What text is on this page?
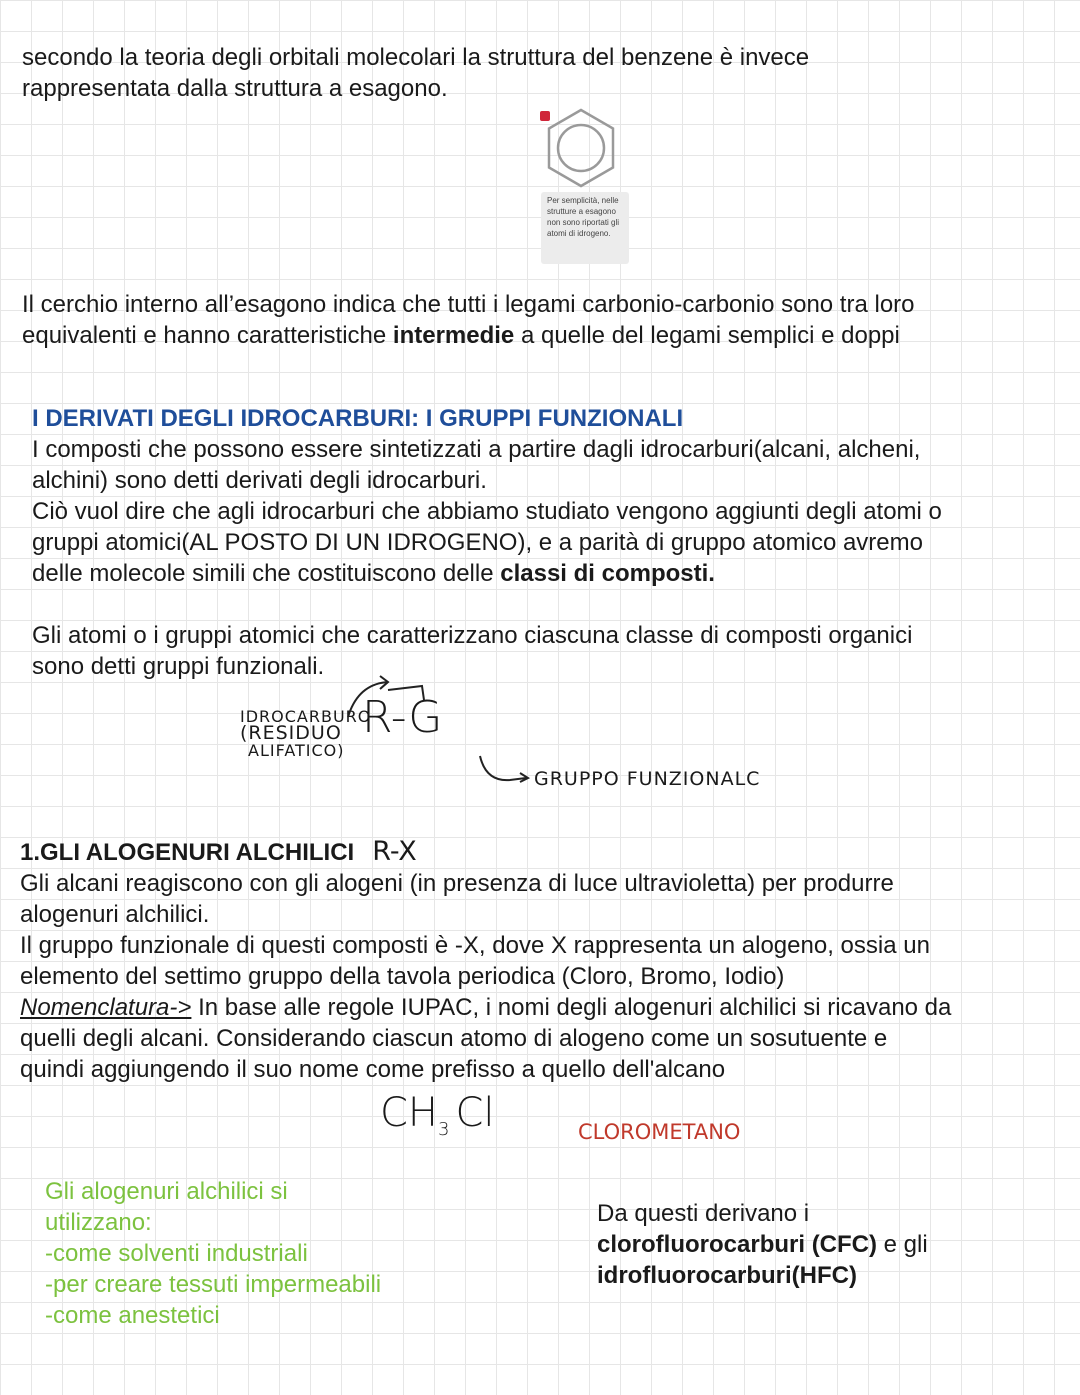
secondo la teoria degli orbitali molecolari la struttura del benzene è invece

rappresentata dalla struttura a esagono.

Per semplicità, nelle strutture a esagono non sono riportati gli atomi di idrogeno.

Il cerchio interno all’esagono indica che tutti i legami carbonio-carbonio sono tra loro

equivalenti e hanno caratteristiche intermedie a quelle del legami semplici e doppi

I DERIVATI DEGLI IDROCARBURI: I GRUPPI FUNZIONALI

I composti che possono essere sintetizzati a partire dagli idrocarburi(alcani, alcheni,

alchini) sono detti derivati degli idrocarburi.

Ciò vuol dire che agli idrocarburi che abbiamo studiato vengono aggiunti degli atomi o

gruppi atomici(AL POSTO DI UN IDROGENO), e a parità di gruppo atomico avremo

delle molecole simili che costituiscono delle classi di composti.

Gli atomi o i gruppi atomici che caratterizzano ciascuna classe di composti organici

sono detti gruppi funzionali.

IDROCARBURO
(RESIDUO
ALIFATICO)
R-G
GRUPPO FUNZIONALC

1.GLI ALOGENURI ALCHILICI R-X

Gli alcani reagiscono con gli alogeni (in presenza di luce ultravioletta) per produrre

alogenuri alchilici.

Il gruppo funzionale di questi composti è -X, dove X rappresenta un alogeno, ossia un

elemento del settimo gruppo della tavola periodica (Cloro, Bromo, Iodio)

Nomenclatura-> In base alle regole IUPAC, i nomi degli alogenuri alchilici si ricavano da

quelli degli alcani. Considerando ciascun atomo di alogeno come un sosutuente e

quindi aggiungendo il suo nome come prefisso a quello dell'alcano

$CH_3$ Cl	CLOROMETANO

Gli alogenuri alchilici si

utilizzano:

-come solventi industriali

-per creare tessuti impermeabili

-come anestetici

Da questi derivano i

clorofluorocarburi (CFC) e gli

idrofluorocarburi(HFC)
